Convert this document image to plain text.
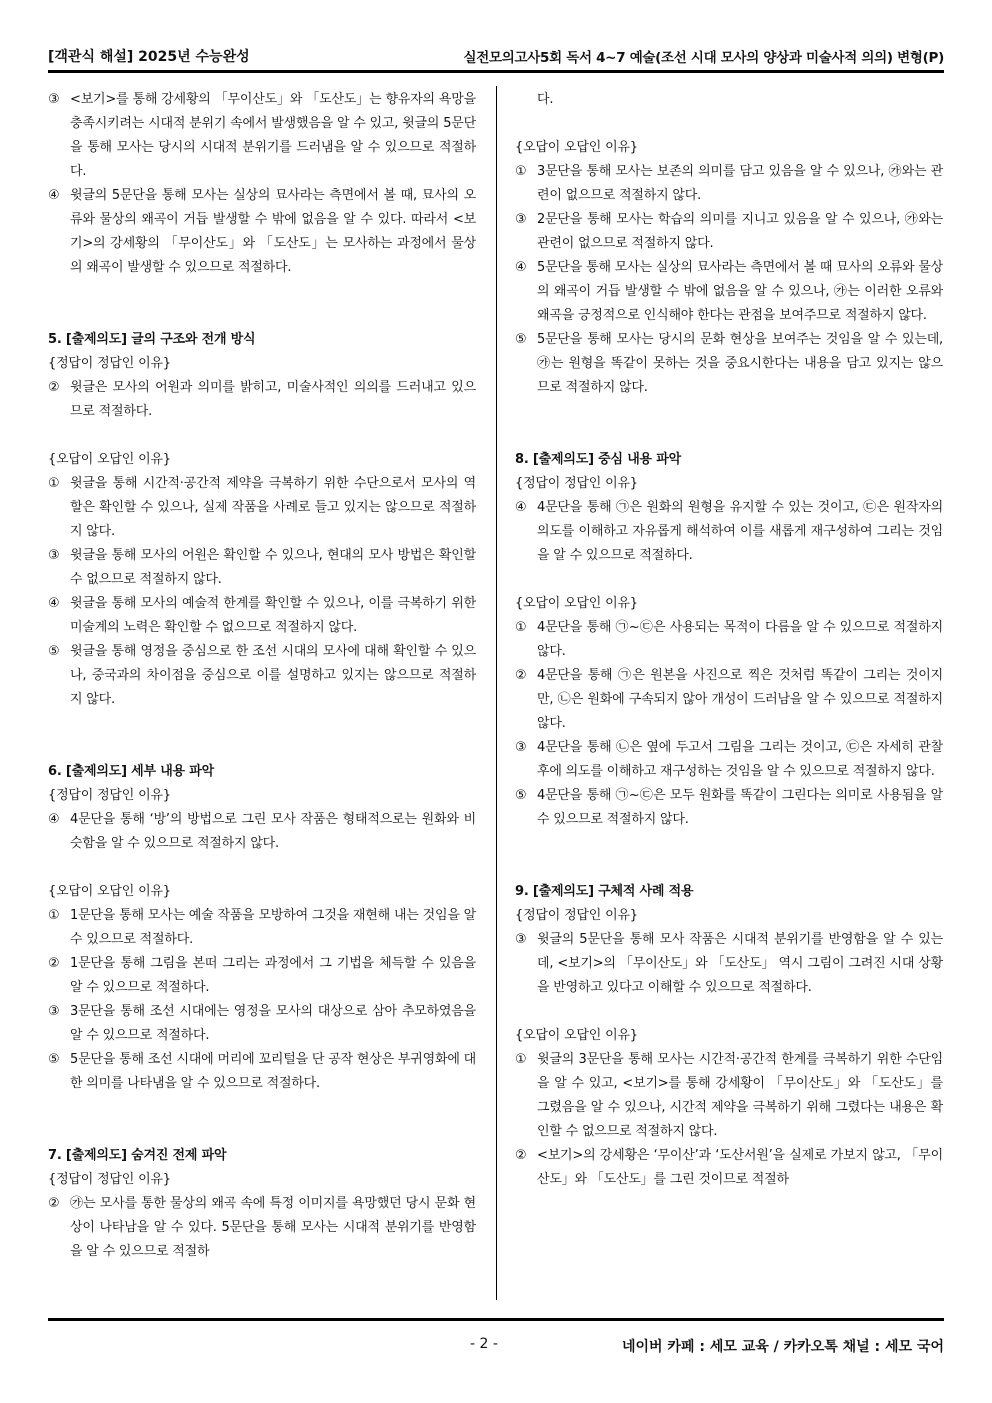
[객관식 해설] 2025년 수능완성	실전모의고사5회 독서 4~7 예술(조선 시대 모사의 양상과 미술사적 의의) 변형(P)
③ <보기>를 통해 강세황의 「무이산도」와 「도산도」는 향유자의 욕망을 충족시키려는 시대적 분위기 속에서 발생했음을 알 수 있고, 윗글의 5문단을 통해 모사는 당시의 시대적 분위기를 드러냄을 알 수 있으므로 적절하다.
④ 윗글의 5문단을 통해 모사는 실상의 묘사라는 측면에서 볼 때, 묘사의 오류와 물상의 왜곡이 거듭 발생할 수 밖에 없음을 알 수 있다. 따라서 <보기>의 강세황의 「무이산도」와 「도산도」는 모사하는 과정에서 물상의 왜곡이 발생할 수 있으므로 적절하다.
5. [출제의도] 글의 구조와 전개 방식
{정답이 정답인 이유}
② 윗글은 모사의 어원과 의미를 밝히고, 미술사적인 의의를 드러내고 있으므로 적절하다.
{오답이 오답인 이유}
① 윗글을 통해 시간적·공간적 제약을 극복하기 위한 수단으로서 모사의 역할은 확인할 수 있으나, 실제 작품을 사례로 들고 있지는 않으므로 적절하지 않다.
③ 윗글을 통해 모사의 어원은 확인할 수 있으나, 현대의 모사 방법은 확인할 수 없으므로 적절하지 않다.
④ 윗글을 통해 모사의 예술적 한계를 확인할 수 있으나, 이를 극복하기 위한 미술계의 노력은 확인할 수 없으므로 적절하지 않다.
⑤ 윗글을 통해 영정을 중심으로 한 조선 시대의 모사에 대해 확인할 수 있으나, 중국과의 차이점을 중심으로 이를 설명하고 있지는 않으므로 적절하지 않다.
6. [출제의도] 세부 내용 파악
{정답이 정답인 이유}
④ 4문단을 통해 ‘방’의 방법으로 그린 모사 작품은 형태적으로는 원화와 비슷함을 알 수 있으므로 적절하지 않다.
{오답이 오답인 이유}
① 1문단을 통해 모사는 예술 작품을 모방하여 그것을 재현해 내는 것임을 알 수 있으므로 적절하다.
② 1문단을 통해 그림을 본떠 그리는 과정에서 그 기법을 체득할 수 있음을 알 수 있으므로 적절하다.
③ 3문단을 통해 조선 시대에는 영정을 모사의 대상으로 삼아 추모하였음을 알 수 있으므로 적절하다.
⑤ 5문단을 통해 조선 시대에 머리에 꼬리털을 단 공작 현상은 부귀영화에 대한 의미를 나타냄을 알 수 있으므로 적절하다.
7. [출제의도] 숨겨진 전제 파악
{정답이 정답인 이유}
② ㉮는 모사를 통한 물상의 왜곡 속에 특정 이미지를 욕망했던 당시 문화 현상이 나타남을 알 수 있다. 5문단을 통해 모사는 시대적 분위기를 반영함을 알 수 있으므로 적절하
다.
{오답이 오답인 이유}
① 3문단을 통해 모사는 보존의 의미를 담고 있음을 알 수 있으나, ㉮와는 관련이 없으므로 적절하지 않다.
③ 2문단을 통해 모사는 학습의 의미를 지니고 있음을 알 수 있으나, ㉮와는 관련이 없으므로 적절하지 않다.
④ 5문단을 통해 모사는 실상의 묘사라는 측면에서 볼 때 묘사의 오류와 물상의 왜곡이 거듭 발생할 수 밖에 없음을 알 수 있으나, ㉮는 이러한 오류와 왜곡을 긍정적으로 인식해야 한다는 관점을 보여주므로 적절하지 않다.
⑤ 5문단을 통해 모사는 당시의 문화 현상을 보여주는 것임을 알 수 있는데, ㉮는 원형을 똑같이 못하는 것을 중요시한다는 내용을 담고 있지는 않으므로 적절하지 않다.
8. [출제의도] 중심 내용 파악
{정답이 정답인 이유}
④ 4문단을 통해 ㉠은 원화의 원형을 유지할 수 있는 것이고, ㉢은 원작자의 의도를 이해하고 자유롭게 해석하여 이를 새롭게 재구성하여 그리는 것임을 알 수 있으므로 적절하다.
{오답이 오답인 이유}
① 4문단을 통해 ㉠~㉢은 사용되는 목적이 다름을 알 수 있으므로 적절하지 않다.
② 4문단을 통해 ㉠은 원본을 사진으로 찍은 것처럼 똑같이 그리는 것이지만, ㉡은 원화에 구속되지 않아 개성이 드러남을 알 수 있으므로 적절하지 않다.
③ 4문단을 통해 ㉡은 옆에 두고서 그림을 그리는 것이고, ㉢은 자세히 관찰 후에 의도를 이해하고 재구성하는 것임을 알 수 있으므로 적절하지 않다.
⑤ 4문단을 통해 ㉠~㉢은 모두 원화를 똑같이 그린다는 의미로 사용됨을 알 수 있으므로 적절하지 않다.
9. [출제의도] 구체적 사례 적용
{정답이 정답인 이유}
③ 윗글의 5문단을 통해 모사 작품은 시대적 분위기를 반영함을 알 수 있는데, <보기>의 「무이산도」와 「도산도」 역시 그림이 그려진 시대 상황을 반영하고 있다고 이해할 수 있으므로 적절하다.
{오답이 오답인 이유}
① 윗글의 3문단을 통해 모사는 시간적·공간적 한계를 극복하기 위한 수단임을 알 수 있고, <보기>를 통해 강세황이 「무이산도」와 「도산도」를 그렸음을 알 수 있으나, 시간적 제약을 극복하기 위해 그렸다는 내용은 확인할 수 없으므로 적절하지 않다.
② <보기>의 강세황은 ‘무이산’과 ‘도산서원’을 실제로 가보지 않고, 「무이산도」와 「도산도」를 그린 것이므로 적절하
- 2 -	네이버 카페 : 세모 교육 / 카카오톡 채널 : 세모 국어
